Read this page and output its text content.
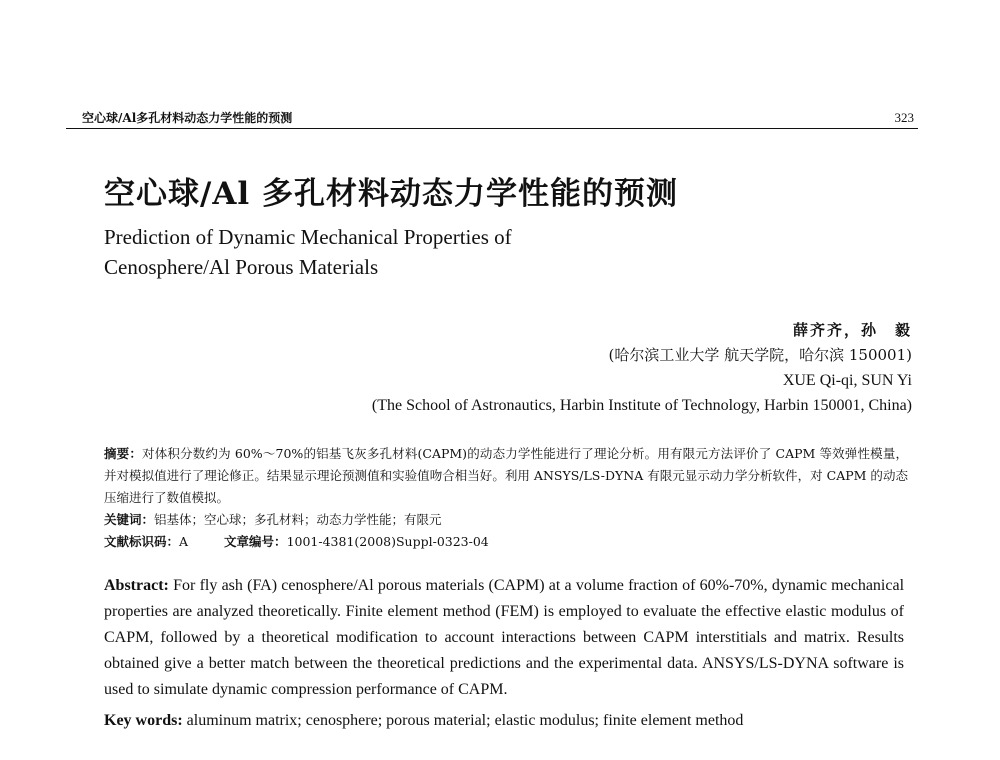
空心球/Al多孔材料动态力学性能的预测	323
空心球/Al 多孔材料动态力学性能的预测
Prediction of Dynamic Mechanical Properties of
Cenosphere/Al Porous Materials
薛齐齐，孙　毅
(哈尔滨工业大学 航天学院，哈尔滨 150001)
XUE Qi-qi, SUN Yi
(The School of Astronautics, Harbin Institute of Technology, Harbin 150001, China)

摘要：对体积分数约为 60%～70%的铝基飞灰多孔材料(CAPM)的动态力学性能进行了理论分析。用有限元方法评价了 CAPM 等效弹性模量，并对模拟值进行了理论修正。结果显示理论预测值和实验值吻合相当好。利用 ANSYS/LS-DYNA 有限元显示动力学分析软件，对 CAPM 的动态压缩进行了数值模拟。

关键词：铝基体；空心球；多孔材料；动态力学性能；有限元

文献标识码：A	文章编号：1001-4381(2008)Suppl-0323-04

Abstract: For fly ash (FA) cenosphere/Al porous materials (CAPM) at a volume fraction of 60%-70%, dynamic mechanical properties are analyzed theoretically. Finite element method (FEM) is employed to evaluate the effective elastic modulus of CAPM, followed by a theoretical modification to account interactions between CAPM interstitials and matrix. Results obtained give a better match between the theoretical predictions and the experimental data. ANSYS/LS-DYNA software is used to simulate dynamic compression performance of CAPM.

Key words: aluminum matrix; cenosphere; porous material; elastic modulus; finite element method
